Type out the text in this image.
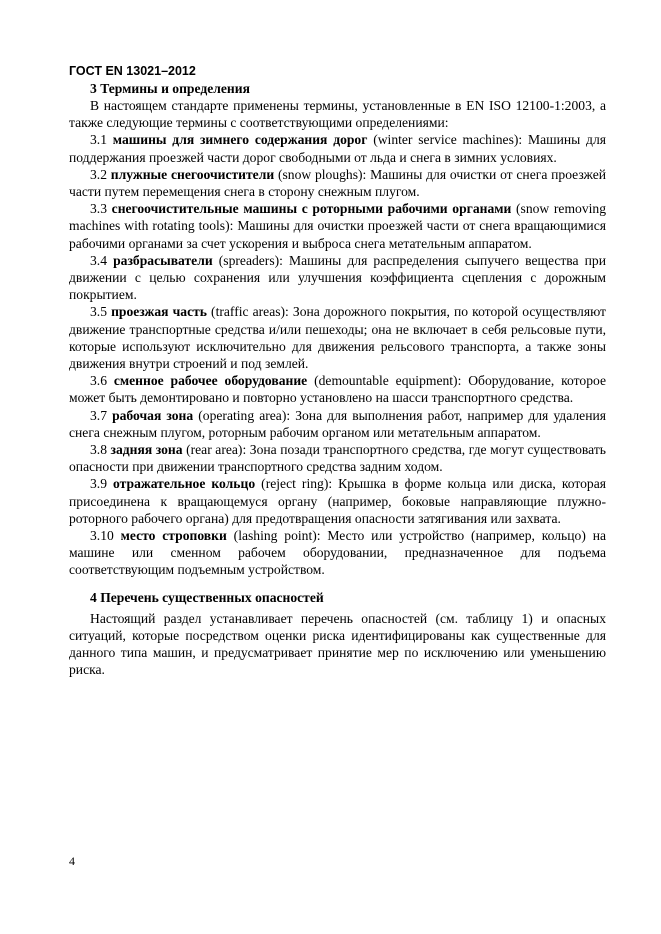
ГОСТ EN 13021–2012
3 Термины и определения

В настоящем стандарте применены термины, установленные в EN ISO 12100-1:2003, а также следующие термины с соответствующими определениями:

3.1 машины для зимнего содержания дорог (winter service machines): Машины для поддержания проезжей части дорог свободными от льда и снега в зимних условиях.

3.2 плужные снегоочистители (snow ploughs): Машины для очистки от снега проезжей части путем перемещения снега в сторону снежным плугом.

3.3 снегоочистительные машины с роторными рабочими органами (snow removing machines with rotating tools): Машины для очистки проезжей части от снега вращающимися рабочими органами за счет ускорения и выброса снега метательным аппаратом.

3.4 разбрасыватели (spreaders): Машины для распределения сыпучего вещества при движении с целью сохранения или улучшения коэффициента сцепления с дорожным покрытием.

3.5 проезжая часть (traffic areas): Зона дорожного покрытия, по которой осуществляют движение транспортные средства и/или пешеходы; она не включает в себя рельсовые пути, которые используют исключительно для движения рельсового транспорта, а также зоны движения внутри строений и под землей.

3.6 сменное рабочее оборудование (demountable equipment): Оборудование, которое может быть демонтировано и повторно установлено на шасси транспортного средства.

3.7 рабочая зона (operating area): Зона для выполнения работ, например для удаления снега снежным плугом, роторным рабочим органом или метательным аппаратом.

3.8 задняя зона (rear area): Зона позади транспортного средства, где могут существовать опасности при движении транспортного средства задним ходом.

3.9 отражательное кольцо (reject ring): Крышка в форме кольца или диска, которая присоединена к вращающемуся органу (например, боковые направляющие плужно-роторного рабочего органа) для предотвращения опасности затягивания или захвата.

3.10 место строповки (lashing point): Место или устройство (например, кольцо) на машине или сменном рабочем оборудовании, предназначенное для подъема соответствующим подъемным устройством.

4 Перечень существенных опасностей

Настоящий раздел устанавливает перечень опасностей (см. таблицу 1) и опасных ситуаций, которые посредством оценки риска идентифицированы как существенные для данного типа машин, и предусматривает принятие мер по исключению или уменьшению риска.

4
